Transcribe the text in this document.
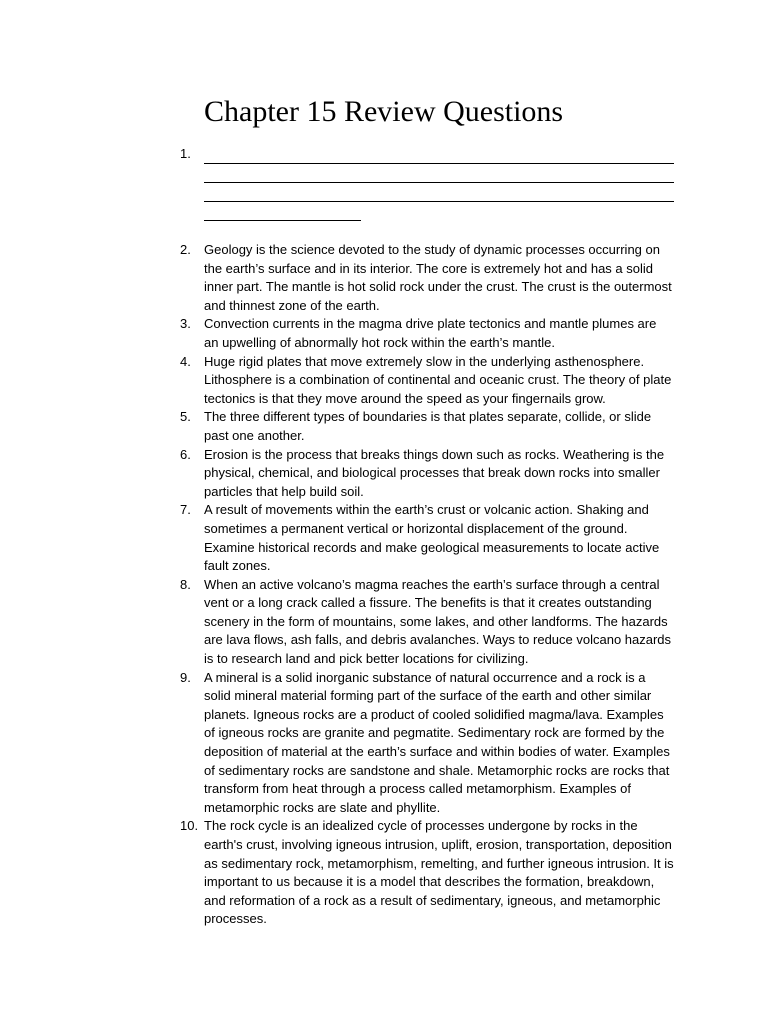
Chapter 15 Review Questions
1.
2.	Geology is the science devoted to the study of dynamic processes occurring on the earth’s surface and in its interior. The core is extremely hot and has a solid inner part. The mantle is hot solid rock under the crust. The crust is the outermost and thinnest zone of the earth.
3.	Convection currents in the magma drive plate tectonics and mantle plumes are an upwelling of abnormally hot rock within the earth’s mantle.
4.	Huge rigid plates that move extremely slow in the underlying asthenosphere. Lithosphere is a combination of continental and oceanic crust. The theory of plate tectonics is that they move around the speed as your fingernails grow.
5.	The three different types of boundaries is that plates separate, collide, or slide past one another.
6.	Erosion is the process that breaks things down such as rocks. Weathering is the physical, chemical, and biological processes that break down rocks into smaller particles that help build soil.
7.	A result of movements within the earth’s crust or volcanic action. Shaking and sometimes a permanent vertical or horizontal displacement of the ground. Examine historical records and make geological measurements to locate active fault zones.
8.	When an active volcano’s magma reaches the earth’s surface through a central vent or a long crack called a fissure. The benefits is that it creates outstanding scenery in the form of mountains, some lakes, and other landforms. The hazards are lava flows, ash falls, and debris avalanches. Ways to reduce volcano hazards is to research land and pick better locations for civilizing.
9.	A mineral is a solid inorganic substance of natural occurrence and a rock is a solid mineral material forming part of the surface of the earth and other similar planets. Igneous rocks are a product of cooled solidified magma/lava. Examples of igneous rocks are granite and pegmatite. Sedimentary rock are formed by the deposition of material at the earth’s surface and within bodies of water. Examples of sedimentary rocks are sandstone and shale. Metamorphic rocks are rocks that transform from heat through a process called metamorphism. Examples of metamorphic rocks are slate and phyllite.
10. The rock cycle is an idealized cycle of processes undergone by rocks in the earth's crust, involving igneous intrusion, uplift, erosion, transportation, deposition as sedimentary rock, metamorphism, remelting, and further igneous intrusion. It is important to us because it is a model that describes the formation, breakdown, and reformation of a rock as a result of sedimentary, igneous, and metamorphic processes.
